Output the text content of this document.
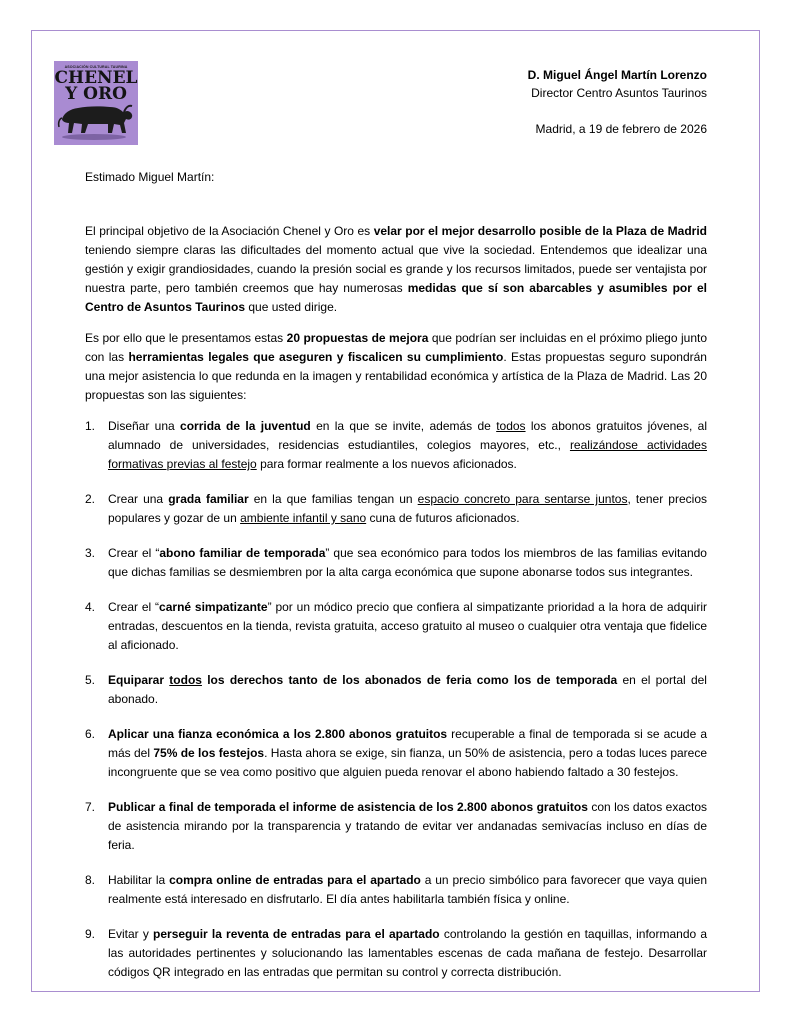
ASOCIACIÓN CULTURAL TAURINA
CHENEL
Y ORO
D. Miguel Ángel Martín Lorenzo
Director Centro Asuntos Taurinos
Madrid, a 19 de febrero de 2026
Estimado Miguel Martín:

El principal objetivo de la Asociación Chenel y Oro es velar por el mejor desarrollo posible de la Plaza de Madrid teniendo siempre claras las dificultades del momento actual que vive la sociedad. Entendemos que idealizar una gestión y exigir grandiosidades, cuando la presión social es grande y los recursos limitados, puede ser ventajista por nuestra parte, pero también creemos que hay numerosas medidas que sí son abarcables y asumibles por el Centro de Asuntos Taurinos que usted dirige.

Es por ello que le presentamos estas 20 propuestas de mejora que podrían ser incluidas en el próximo pliego junto con las herramientas legales que aseguren y fiscalicen su cumplimiento. Estas propuestas seguro supondrán una mejor asistencia lo que redunda en la imagen y rentabilidad económica y artística de la Plaza de Madrid. Las 20 propuestas son las siguientes:

1. Diseñar una corrida de la juventud en la que se invite, además de todos los abonos gratuitos jóvenes, al alumnado de universidades, residencias estudiantiles, colegios mayores, etc., realizándose actividades formativas previas al festejo para formar realmente a los nuevos aficionados.
2. Crear una grada familiar en la que familias tengan un espacio concreto para sentarse juntos, tener precios populares y gozar de un ambiente infantil y sano cuna de futuros aficionados.
3. Crear el “abono familiar de temporada” que sea económico para todos los miembros de las familias evitando que dichas familias se desmiembren por la alta carga económica que supone abonarse todos sus integrantes.
4. Crear el “carné simpatizante” por un módico precio que confiera al simpatizante prioridad a la hora de adquirir entradas, descuentos en la tienda, revista gratuita, acceso gratuito al museo o cualquier otra ventaja que fidelice al aficionado.
5. Equiparar todos los derechos tanto de los abonados de feria como los de temporada en el portal del abonado.
6. Aplicar una fianza económica a los 2.800 abonos gratuitos recuperable a final de temporada si se acude a más del 75% de los festejos. Hasta ahora se exige, sin fianza, un 50% de asistencia, pero a todas luces parece incongruente que se vea como positivo que alguien pueda renovar el abono habiendo faltado a 30 festejos.
7. Publicar a final de temporada el informe de asistencia de los 2.800 abonos gratuitos con los datos exactos de asistencia mirando por la transparencia y tratando de evitar ver andanadas semivacías incluso en días de feria.
8. Habilitar la compra online de entradas para el apartado a un precio simbólico para favorecer que vaya quien realmente está interesado en disfrutarlo. El día antes habilitarla también física y online.
9. Evitar y perseguir la reventa de entradas para el apartado controlando la gestión en taquillas, informando a las autoridades pertinentes y solucionando las lamentables escenas de cada mañana de festejo. Desarrollar códigos QR integrado en las entradas que permitan su control y correcta distribución.
